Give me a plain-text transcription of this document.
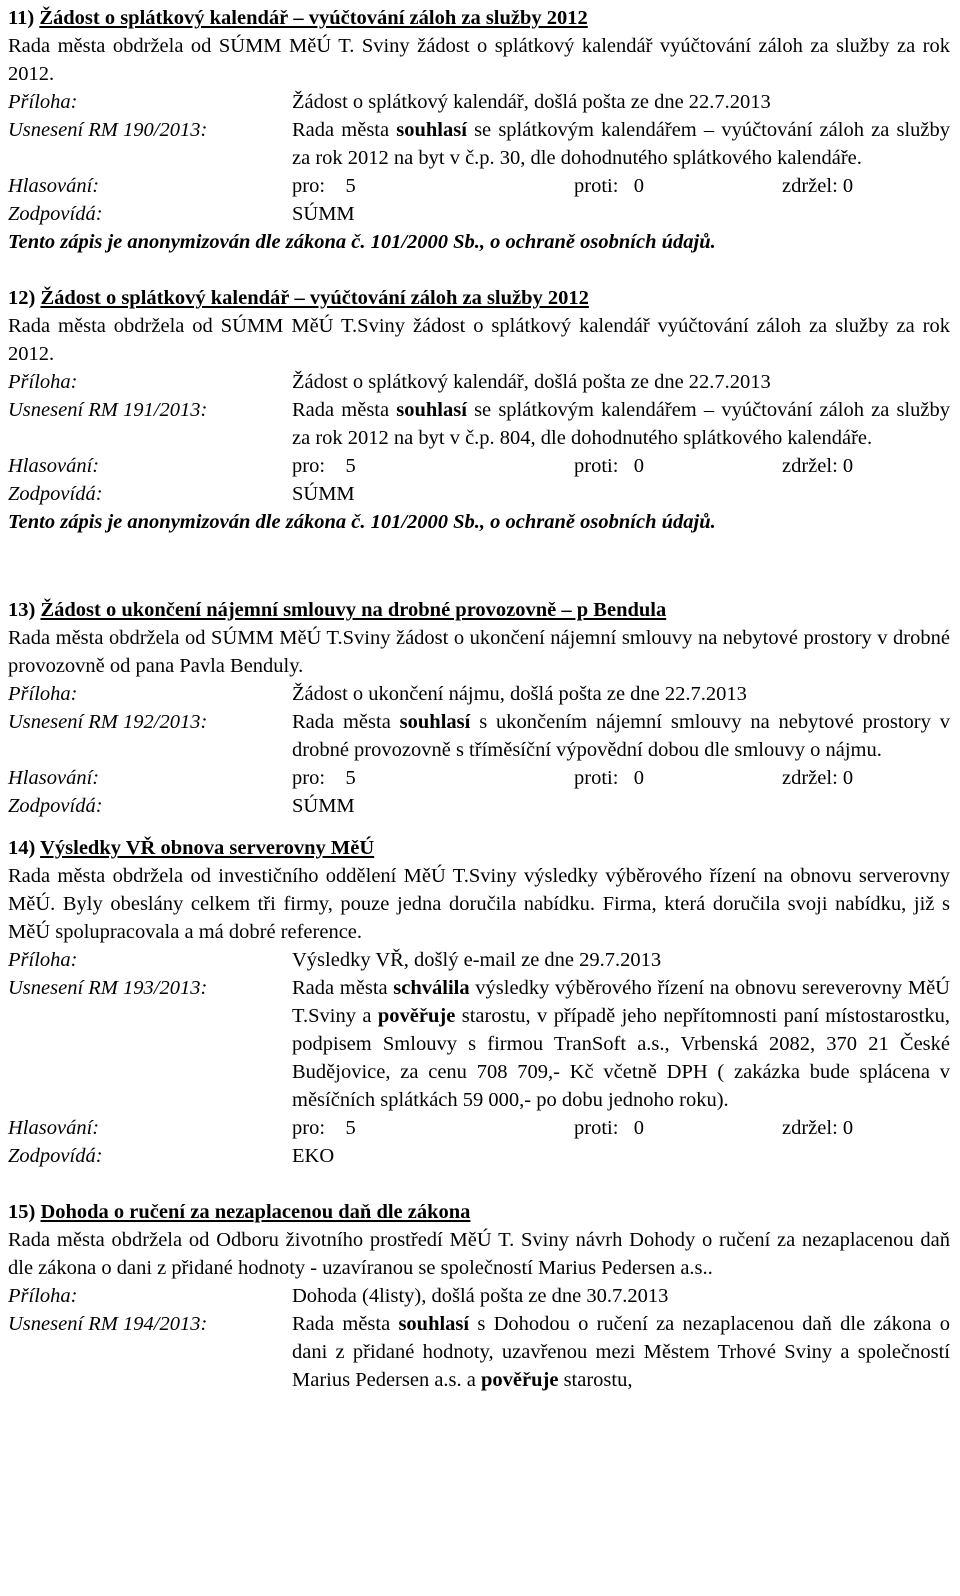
11) Žádost o splátkový kalendář – vyúčtování záloh za služby 2012

Rada města obdržela od SÚMM MěÚ T. Sviny žádost o splátkový kalendář vyúčtování záloh za služby za rok 2012.

Příloha:	Žádost o splátkový kalendář, došlá pošta ze dne 22.7.2013
Usnesení RM 190/2013:	Rada města souhlasí se splátkovým kalendářem – vyúčtování záloh za služby za rok 2012 na byt v č.p. 30, dle dohodnutého splátkového kalendáře.
Hlasování:	pro:    5	proti:   0	zdržel: 0
Zodpovídá:	SÚMM

Tento zápis je anonymizován dle zákona č. 101/2000 Sb., o ochraně osobních údajů.

12) Žádost o splátkový kalendář – vyúčtování záloh za služby 2012

Rada města obdržela od SÚMM MěÚ T.Sviny žádost o splátkový kalendář vyúčtování záloh za služby za rok 2012.

Příloha:	Žádost o splátkový kalendář, došlá pošta ze dne 22.7.2013
Usnesení RM 191/2013:	Rada města souhlasí se splátkovým kalendářem – vyúčtování záloh za služby za rok 2012 na byt v č.p. 804, dle dohodnutého splátkového kalendáře.
Hlasování:	pro:    5	proti:   0	zdržel: 0
Zodpovídá:	SÚMM

Tento zápis je anonymizován dle zákona č. 101/2000 Sb., o ochraně osobních údajů.

13) Žádost o ukončení nájemní smlouvy na drobné provozovně – p Bendula

Rada města obdržela od SÚMM MěÚ T.Sviny žádost o ukončení nájemní smlouvy na nebytové prostory v drobné provozovně od pana Pavla Benduly.

Příloha:	Žádost o ukončení nájmu, došlá pošta ze dne 22.7.2013
Usnesení RM 192/2013:	Rada města souhlasí s ukončením nájemní smlouvy na nebytové prostory v drobné provozovně s tříměsíční výpovědní dobou dle smlouvy o nájmu.
Hlasování:	pro:    5	proti:   0	zdržel: 0
Zodpovídá:	SÚMM

14) Výsledky VŘ obnova serverovny MěÚ

Rada města obdržela od investičního oddělení MěÚ T.Sviny výsledky výběrového řízení na obnovu serverovny MěÚ. Byly obeslány celkem tři firmy, pouze jedna doručila nabídku. Firma, která doručila svoji nabídku, již s MěÚ spolupracovala a má dobré reference.

Příloha:	Výsledky VŘ, došlý e-mail ze dne 29.7.2013
Usnesení RM 193/2013:	Rada města schválila výsledky výběrového řízení na obnovu sereverovny MěÚ T.Sviny a pověřuje starostu, v případě jeho nepřítomnosti paní místostarostku, podpisem Smlouvy s firmou TranSoft a.s., Vrbenská 2082, 370 21 České Budějovice, za cenu 708 709,- Kč včetně DPH ( zakázka bude splácena v měsíčních splátkách 59 000,- po dobu jednoho roku).
Hlasování:	pro:    5	proti:   0	zdržel: 0
Zodpovídá:	EKO

15) Dohoda o ručení za nezaplacenou daň dle zákona

Rada města obdržela od Odboru životního prostředí MěÚ T. Sviny návrh Dohody o ručení za nezaplacenou daň dle zákona o dani z přidané hodnoty - uzavíranou se společností Marius Pedersen a.s..

Příloha:	Dohoda (4listy), došlá pošta ze dne 30.7.2013
Usnesení RM 194/2013:	Rada města souhlasí s Dohodou o ručení za nezaplacenou daň dle zákona o dani z přidané hodnoty, uzavřenou mezi Městem Trhové Sviny a společností Marius Pedersen a.s. a pověřuje starostu,
